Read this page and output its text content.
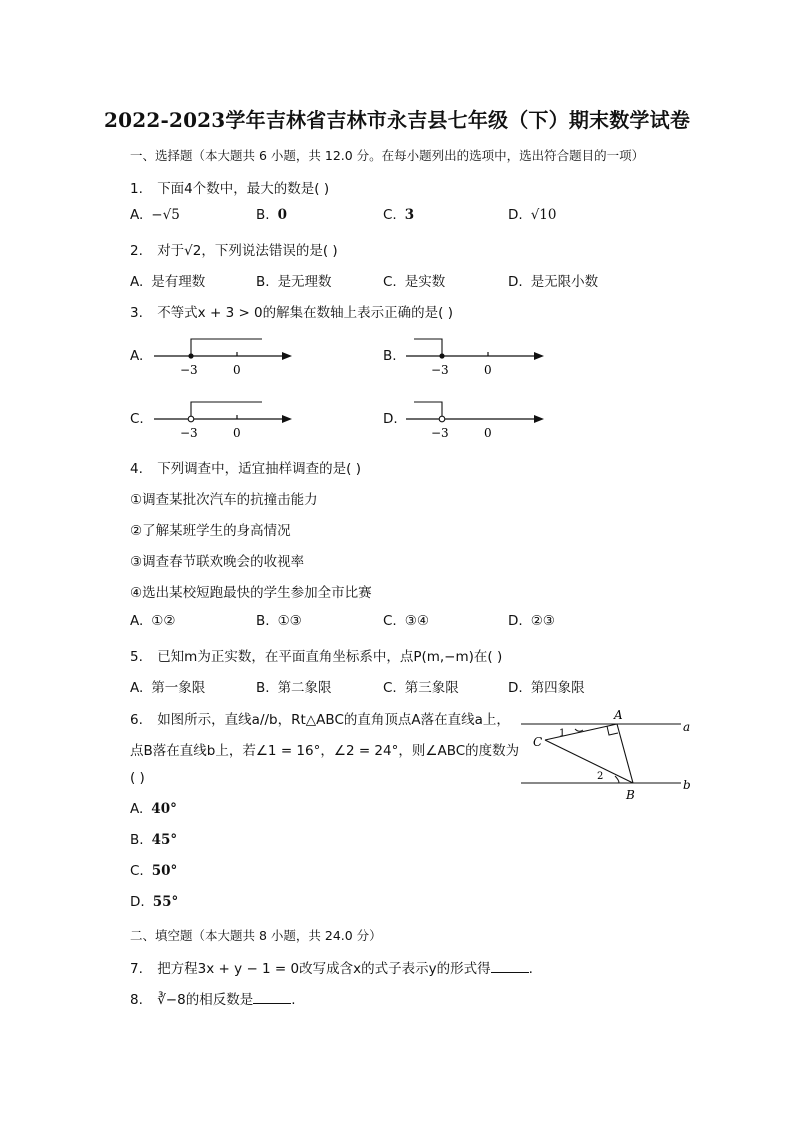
2022-2023学年吉林省吉林市永吉县七年级（下）期末数学试卷
一、选择题（本大题共 6 小题，共 12.0 分。在每小题列出的选项中，选出符合题目的一项）
1. 下面4个数中，最大的数是( )
A. −√5	B. 0	C. 3	D. √10
2. 对于√2，下列说法错误的是( )
A. 是有理数	B. 是无理数	C. 是实数	D. 是无限小数
3. 不等式x + 3 > 0的解集在数轴上表示正确的是( )
A.
−3	0
B.
−3	0
C.
−3	0
D.
−3	0
4. 下列调查中，适宜抽样调查的是( )
①调查某批次汽车的抗撞击能力
②了解某班学生的身高情况
③调查春节联欢晚会的收视率
④选出某校短跑最快的学生参加全市比赛
A. ①②	B. ①③	C. ③④	D. ②③
5. 已知m为正实数，在平面直角坐标系中，点P(m,−m)在( )
A. 第一象限	B. 第二象限	C. 第三象限	D. 第四象限
6. 如图所示，直线a//b，Rt△ABC的直角顶点A落在直线a上，
点B落在直线b上，若∠1 = 16°，∠2 = 24°，则∠ABC的度数为
( )
A
C
B
a
b
1
2
A. 40°
B. 45°
C. 50°
D. 55°
二、填空题（本大题共 8 小题，共 24.0 分）
7. 把方程3x + y − 1 = 0改写成含x的式子表示y的形式得	.
8. ∛−8的相反数是	.
